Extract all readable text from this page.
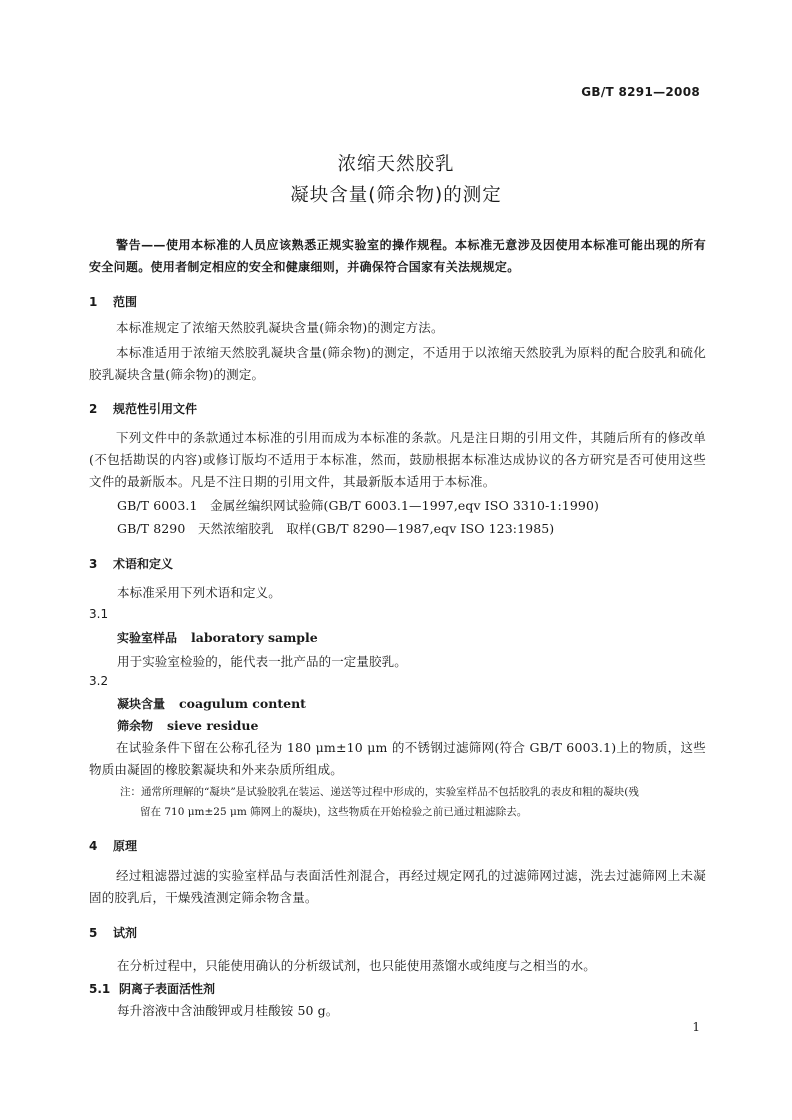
GB/T 8291—2008
浓缩天然胶乳
凝块含量(筛余物)的测定
警告——使用本标准的人员应该熟悉正规实验室的操作规程。本标准无意涉及因使用本标准可能出现的所有安全问题。使用者制定相应的安全和健康细则，并确保符合国家有关法规规定。
1 范围
本标准规定了浓缩天然胶乳凝块含量(筛余物)的测定方法。
本标准适用于浓缩天然胶乳凝块含量(筛余物)的测定，不适用于以浓缩天然胶乳为原料的配合胶乳和硫化胶乳凝块含量(筛余物)的测定。
2 规范性引用文件
下列文件中的条款通过本标准的引用而成为本标准的条款。凡是注日期的引用文件，其随后所有的修改单(不包括勘误的内容)或修订版均不适用于本标准，然而，鼓励根据本标准达成协议的各方研究是否可使用这些文件的最新版本。凡是不注日期的引用文件，其最新版本适用于本标准。
GB/T 6003.1　金属丝编织网试验筛(GB/T 6003.1—1997,eqv ISO 3310-1:1990)
GB/T 8290　天然浓缩胶乳　取样(GB/T 8290—1987,eqv ISO 123:1985)
3 术语和定义
本标准采用下列术语和定义。
3.1
实验室样品 laboratory sample
用于实验室检验的，能代表一批产品的一定量胶乳。
3.2
凝块含量 coagulum content
筛余物 sieve residue
在试验条件下留在公称孔径为 180 μm±10 μm 的不锈钢过滤筛网(符合 GB/T 6003.1)上的物质，这些物质由凝固的橡胶絮凝块和外来杂质所组成。
注：通常所理解的“凝块”是试验胶乳在装运、递送等过程中形成的，实验室样品不包括胶乳的表皮和粗的凝块(残
留在 710 μm±25 μm 筛网上的凝块)，这些物质在开始检验之前已通过粗滤除去。
4 原理
经过粗滤器过滤的实验室样品与表面活性剂混合，再经过规定网孔的过滤筛网过滤，洗去过滤筛网上未凝固的胶乳后，干燥残渣测定筛余物含量。
5 试剂
在分析过程中，只能使用确认的分析级试剂，也只能使用蒸馏水或纯度与之相当的水。
5.1 阴离子表面活性剂
每升溶液中含油酸钾或月桂酸铵 50 g。
1
